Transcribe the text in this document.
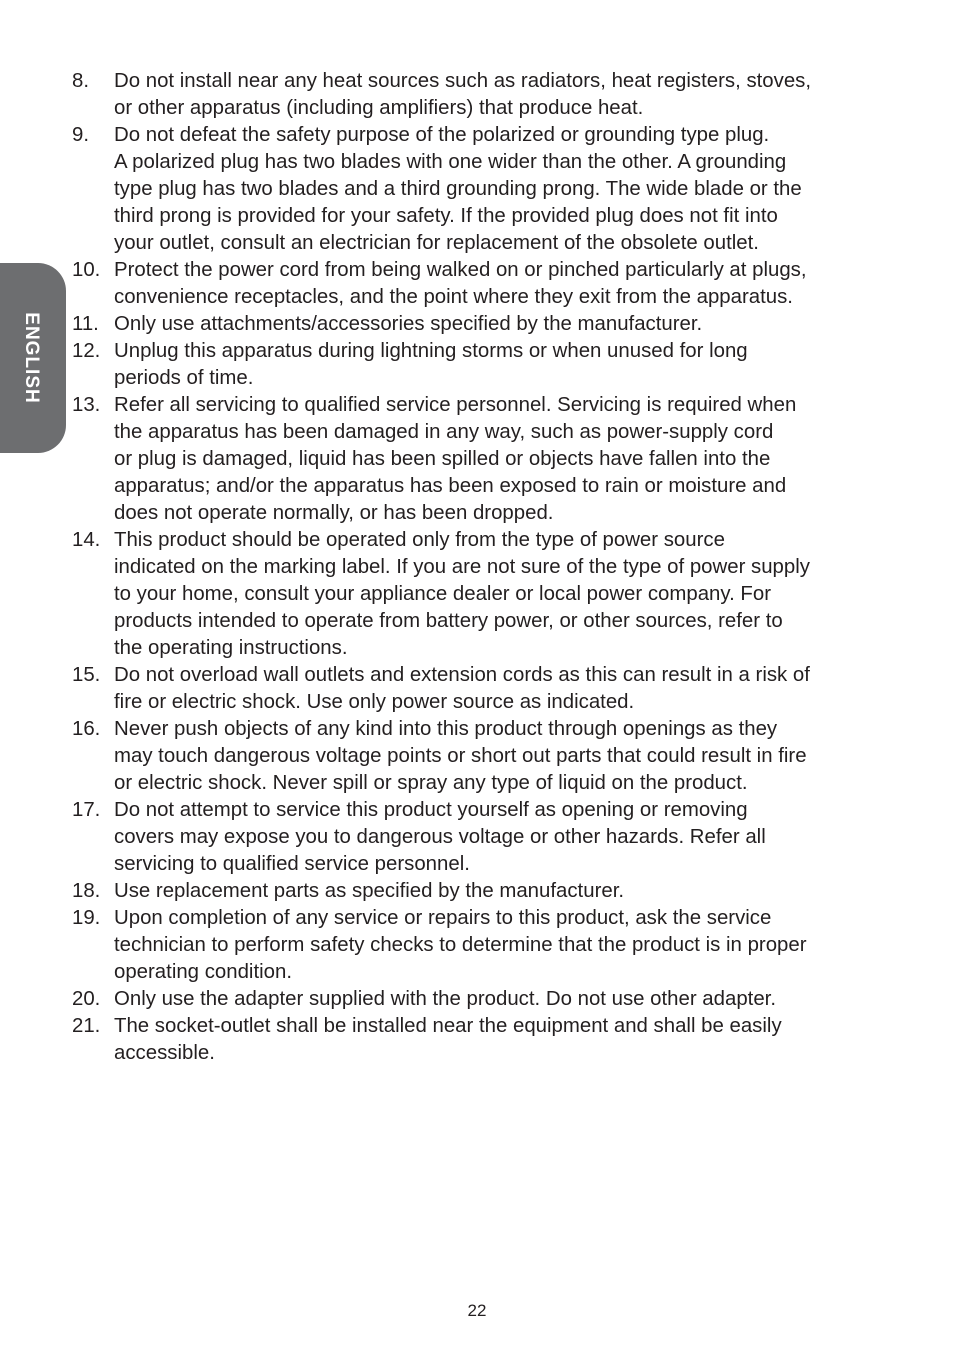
ENGLISH
8. Do not install near any heat sources such as radiators, heat registers, stoves,
or other apparatus (including amplifiers) that produce heat.
9. Do not defeat the safety purpose of the polarized or grounding type plug.
A polarized plug has two blades with one wider than the other. A grounding
type plug has two blades and a third grounding prong. The wide blade or the
third prong is provided for your safety. If the provided plug does not fit into
your outlet, consult an electrician for replacement of the obsolete outlet.
10. Protect the power cord from being walked on or pinched particularly at plugs,
convenience receptacles, and the point where they exit from the apparatus.
11. Only use attachments/accessories specified by the manufacturer.
12. Unplug this apparatus during lightning storms or when unused for long
periods of time.
13. Refer all servicing to qualified service personnel. Servicing is required when
the apparatus has been damaged in any way, such as power-supply cord
or plug is damaged, liquid has been spilled or objects have fallen into the
apparatus; and/or the apparatus has been exposed to rain or moisture and
does not operate normally, or has been dropped.
14. This product should be operated only from the type of power source
indicated on the marking label. If you are not sure of the type of power supply
to your home, consult your appliance dealer or local power company. For
products intended to operate from battery power, or other sources, refer to
the operating instructions.
15. Do not overload wall outlets and extension cords as this can result in a risk of
fire or electric shock. Use only power source as indicated.
16. Never push objects of any kind into this product through openings as they
may touch dangerous voltage points or short out parts that could result in fire
or electric shock. Never spill or spray any type of liquid on the product.
17. Do not attempt to service this product yourself as opening or removing
covers may expose you to dangerous voltage or other hazards. Refer all
servicing to qualified service personnel.
18. Use replacement parts as specified by the manufacturer.
19. Upon completion of any service or repairs to this product, ask the service
technician to perform safety checks to determine that the product is in proper
operating condition.
20. Only use the adapter supplied with the product. Do not use other adapter.
21. The socket-outlet shall be installed near the equipment and shall be easily
accessible.
22
